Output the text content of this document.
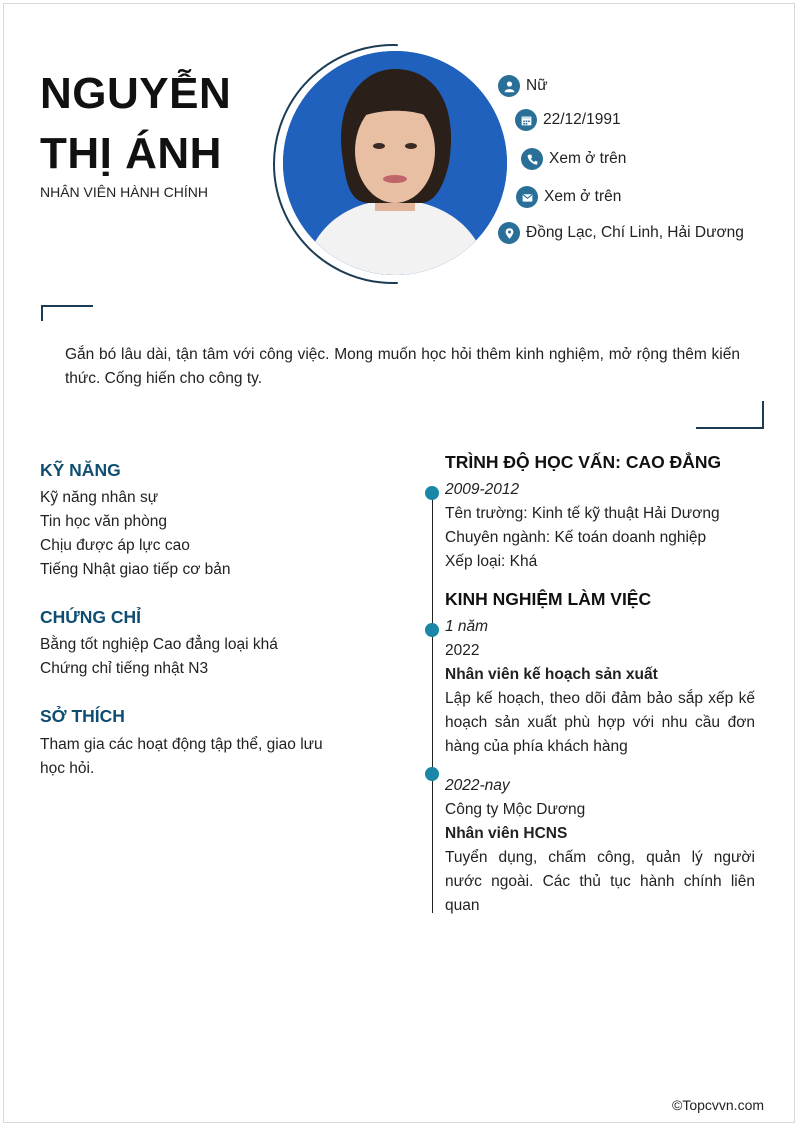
NGUYỄN
THỊ ÁNH
NHÂN VIÊN HÀNH CHÍNH
Nữ
22/12/1991
Xem ở trên
Xem ở trên
Đồng Lạc, Chí Linh, Hải Dương
Gắn bó lâu dài, tận tâm với công việc. Mong muốn học hỏi thêm kinh nghiệm, mở rộng thêm kiến thức. Cống hiến cho công ty.
KỸ NĂNG
Kỹ năng nhân sự
Tin học văn phòng
Chịu được áp lực cao
Tiếng Nhật giao tiếp cơ bản
CHỨNG CHỈ
Bằng tốt nghiệp Cao đẳng loại khá
Chứng chỉ tiếng nhật N3
SỞ THÍCH
Tham gia các hoạt động tập thể, giao lưu học hỏi.
TRÌNH ĐỘ HỌC VẤN: CAO ĐẲNG
2009-2012
Tên trường: Kinh tế kỹ thuật Hải Dương
Chuyên ngành: Kế toán doanh nghiệp
Xếp loại: Khá
KINH NGHIỆM LÀM VIỆC
1 năm
2022
Nhân viên kế hoạch sản xuất
Lập kế hoạch, theo dõi đảm bảo sắp xếp kế hoạch sản xuất phù hợp với nhu cầu đơn hàng của phía khách hàng
2022-nay
Công ty Mộc Dương
Nhân viên HCNS
Tuyển dụng, chấm công, quản lý người nước ngoài. Các thủ tục hành chính liên quan
©Topcvvn.com
